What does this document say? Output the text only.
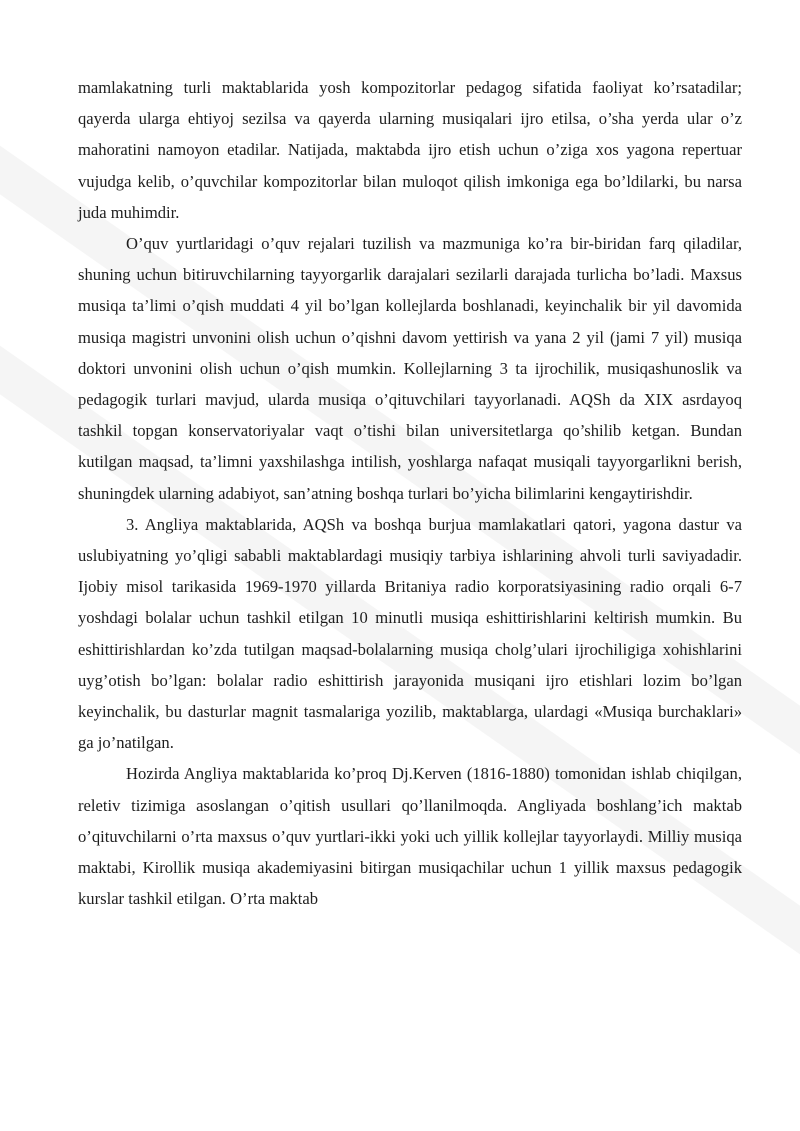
mamlakatning turli maktablarida yosh kompozitorlar pedagog sifatida faoliyat ko’rsatadilar; qayerda ularga ehtiyoj sezilsa va qayerda ularning musiqalari ijro etilsa, o’sha yerda ular o’z mahoratini namoyon etadilar. Natijada, maktabda ijro etish uchun o’ziga xos yagona repertuar vujudga kelib, o’quvchilar kompozitorlar bilan muloqot qilish imkoniga ega bo’ldilarki, bu narsa juda muhimdir.

O’quv yurtlaridagi o’quv rejalari tuzilish va mazmuniga ko’ra bir-biridan farq qiladilar, shuning uchun bitiruvchilarning tayyorgarlik darajalari sezilarli darajada turlicha bo’ladi. Maxsus musiqa ta’limi o’qish muddati 4 yil bo’lgan kollejlarda boshlanadi, keyinchalik bir yil davomida musiqa magistri unvonini olish uchun o’qishni davom yettirish va yana 2 yil (jami 7 yil) musiqa doktori unvonini olish uchun o’qish mumkin. Kollejlarning 3 ta ijrochilik, musiqashunoslik va pedagogik turlari mavjud, ularda musiqa o’qituvchilari tayyorlanadi. AQSh da XIX asrdayoq tashkil topgan konservatoriyalar vaqt o’tishi bilan universitetlarga qo’shilib ketgan. Bundan kutilgan maqsad, ta’limni yaxshilashga intilish, yoshlarga nafaqat musiqali tayyorgarlikni berish, shuningdek ularning adabiyot, san’atning boshqa turlari bo’yicha bilimlarini kengaytirishdir.

3. Angliya maktablarida, AQSh va boshqa burjua mamlakatlari qatori, yagona dastur va uslubiyatning yo’qligi sababli maktablardagi musiqiy tarbiya ishlarining ahvoli turli saviyadadir. Ijobiy misol tarikasida 1969-1970 yillarda Britaniya radio korporatsiyasining radio orqali 6-7 yoshdagi bolalar uchun tashkil etilgan 10 minutli musiqa eshittirishlarini keltirish mumkin. Bu eshittirishlardan ko’zda tutilgan maqsad-bolalarning musiqa cholg’ulari ijrochiligiga xohishlarini uyg’otish bo’lgan: bolalar radio eshittirish jarayonida musiqani ijro etishlari lozim bo’lgan keyinchalik, bu dasturlar magnit tasmalariga yozilib, maktablarga, ulardagi «Musiqa burchaklari» ga jo’natilgan.

Hozirda Angliya maktablarida ko’proq Dj.Kerven (1816-1880) tomonidan ishlab chiqilgan, reletiv tizimiga asoslangan o’qitish usullari qo’llanilmoqda. Angliyada boshlang’ich maktab o’qituvchilarni o’rta maxsus o’quv yurtlari-ikki yoki uch yillik kollejlar tayyorlaydi. Milliy musiqa maktabi, Kirollik musiqa akademiyasini bitirgan musiqachilar uchun 1 yillik maxsus pedagogik kurslar tashkil etilgan. O’rta maktab
